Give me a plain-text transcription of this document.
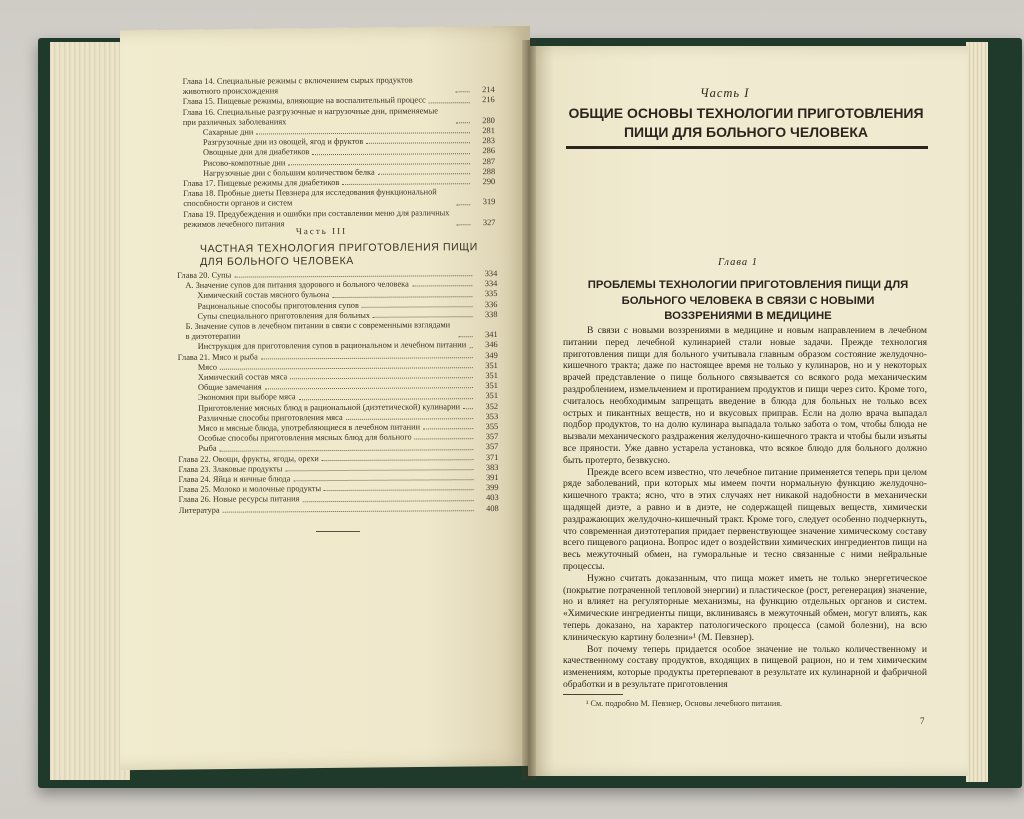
Глава 14. Специальные режимы с включением сырых продуктов животного происхождения	214
Глава 15. Пищевые режимы, влияющие на воспалительный процесс	216
Глава 16. Специальные разгрузочные и нагрузочные дни, применяемые при различных заболеваниях	280
Сахарные дни	281
Разгрузочные дни из овощей, ягод и фруктов	283
Овощные дни для диабетиков	286
Рисово-компотные дни	287
Нагрузочные дни с большим количеством белка	288
Глава 17. Пищевые режимы для диабетиков	290
Глава 18. Пробные диеты Певзнера для исследования функциональной способности органов и систем	319
Глава 19. Предубеждения и ошибки при составлении меню для различных режимов лечебного питания	327
Часть III
ЧАСТНАЯ ТЕХНОЛОГИЯ ПРИГОТОВЛЕНИЯ ПИЩИ ДЛЯ БОЛЬНОГО ЧЕЛОВЕКА
Глава 20. Супы	334
А. Значение супов для питания здорового и больного человека	334
Химический состав мясного бульона	335
Рациональные способы приготовления супов	336
Супы специального приготовления для больных	338
Б. Значение супов в лечебном питании в связи с современными взглядами в диэтотерапии	341
Инструкция для приготовления супов в рациональном и лечебном питании	346
Глава 21. Мясо и рыба	349
Мясо	351
Химический состав мяса	351
Общие замечания	351
Экономия при выборе мяса	351
Приготовление мясных блюд в рациональной (диэтетической) кулинарии	352
Различные способы приготовления мяса	353
Мясо и мясные блюда, употребляющиеся в лечебном питании	355
Особые способы приготовления мясных блюд для больного	357
Рыба	357
Глава 22. Овощи, фрукты, ягоды, орехи	371
Глава 23. Злаковые продукты	383
Глава 24. Яйца и яичные блюда	391
Глава 25. Молоко и молочные продукты	399
Глава 26. Новые ресурсы питания	403
Литература	408
Часть I
ОБЩИЕ ОСНОВЫ ТЕХНОЛОГИИ ПРИГОТОВЛЕНИЯ ПИЩИ ДЛЯ БОЛЬНОГО ЧЕЛОВЕКА
Глава 1
ПРОБЛЕМЫ ТЕХНОЛОГИИ ПРИГОТОВЛЕНИЯ ПИЩИ ДЛЯ БОЛЬНОГО ЧЕЛОВЕКА В СВЯЗИ С НОВЫМИ ВОЗЗРЕНИЯМИ В МЕДИЦИНЕ

В связи с новыми воззрениями в медицине и новым направлением в лечебном питании перед лечебной кулинарией стали новые задачи. Прежде технология приготовления пищи для больного учитывала главным образом состояние желудочно-кишечного тракта; даже по настоящее время не только у кулинаров, но и у некоторых врачей представление о пище больного связывается со всякого рода механическим раздроблением, измельчением и протиранием продуктов и пищи через сито. Кроме того, считалось необходимым запрещать введение в блюда для больных не только всех острых и пикантных веществ, но и вкусовых приправ. Если на долю врача выпадал подбор продуктов, то на долю кулинара выпадала только забота о том, чтобы блюда не вызвали механического раздражения желудочно-кишечного тракта и чтобы были изъяты все пряности. Уже давно устарела установка, что всякое блюдо для больного должно быть протерто, безвкусно.

Прежде всего всем известно, что лечебное питание применяется теперь при целом ряде заболеваний, при которых мы имеем почти нормальную функцию желудочно-кишечного тракта; ясно, что в этих случаях нет никакой надобности в механически щадящей диэте, а равно и в диэте, не содержащей пищевых веществ, химически раздражающих желудочно-кишечный тракт. Кроме того, следует особенно подчеркнуть, что современная диэтотерапия придает первенствующее значение химическому составу всего пищевого рациона. Вопрос идет о воздействии химических ингредиентов пищи на весь межуточный обмен, на гуморальные и тесно связанные с ними нейральные процессы.

Нужно считать доказанным, что пища может иметь не только энергетическое (покрытие потраченной тепловой энергии) и пластическое (рост, регенерация) значение, но и влияет на регуляторные механизмы, на функцию отдельных органов и систем. «Химические ингредиенты пищи, вклиниваясь в межуточный обмен, могут влиять, как теперь доказано, на характер патологического процесса (самой болезни), на всю клиническую картину болезни»¹ (М. Певзнер).

Вот почему теперь придается особое значение не только количественному и качественному составу продуктов, входящих в пищевой рацион, но и тем химическим изменениям, которые продукты претерпевают в результате их кулинарной и фабричной обработки и в результате приготовления

¹ См. подробно М. Певзнер, Основы лечебного питания.
7
